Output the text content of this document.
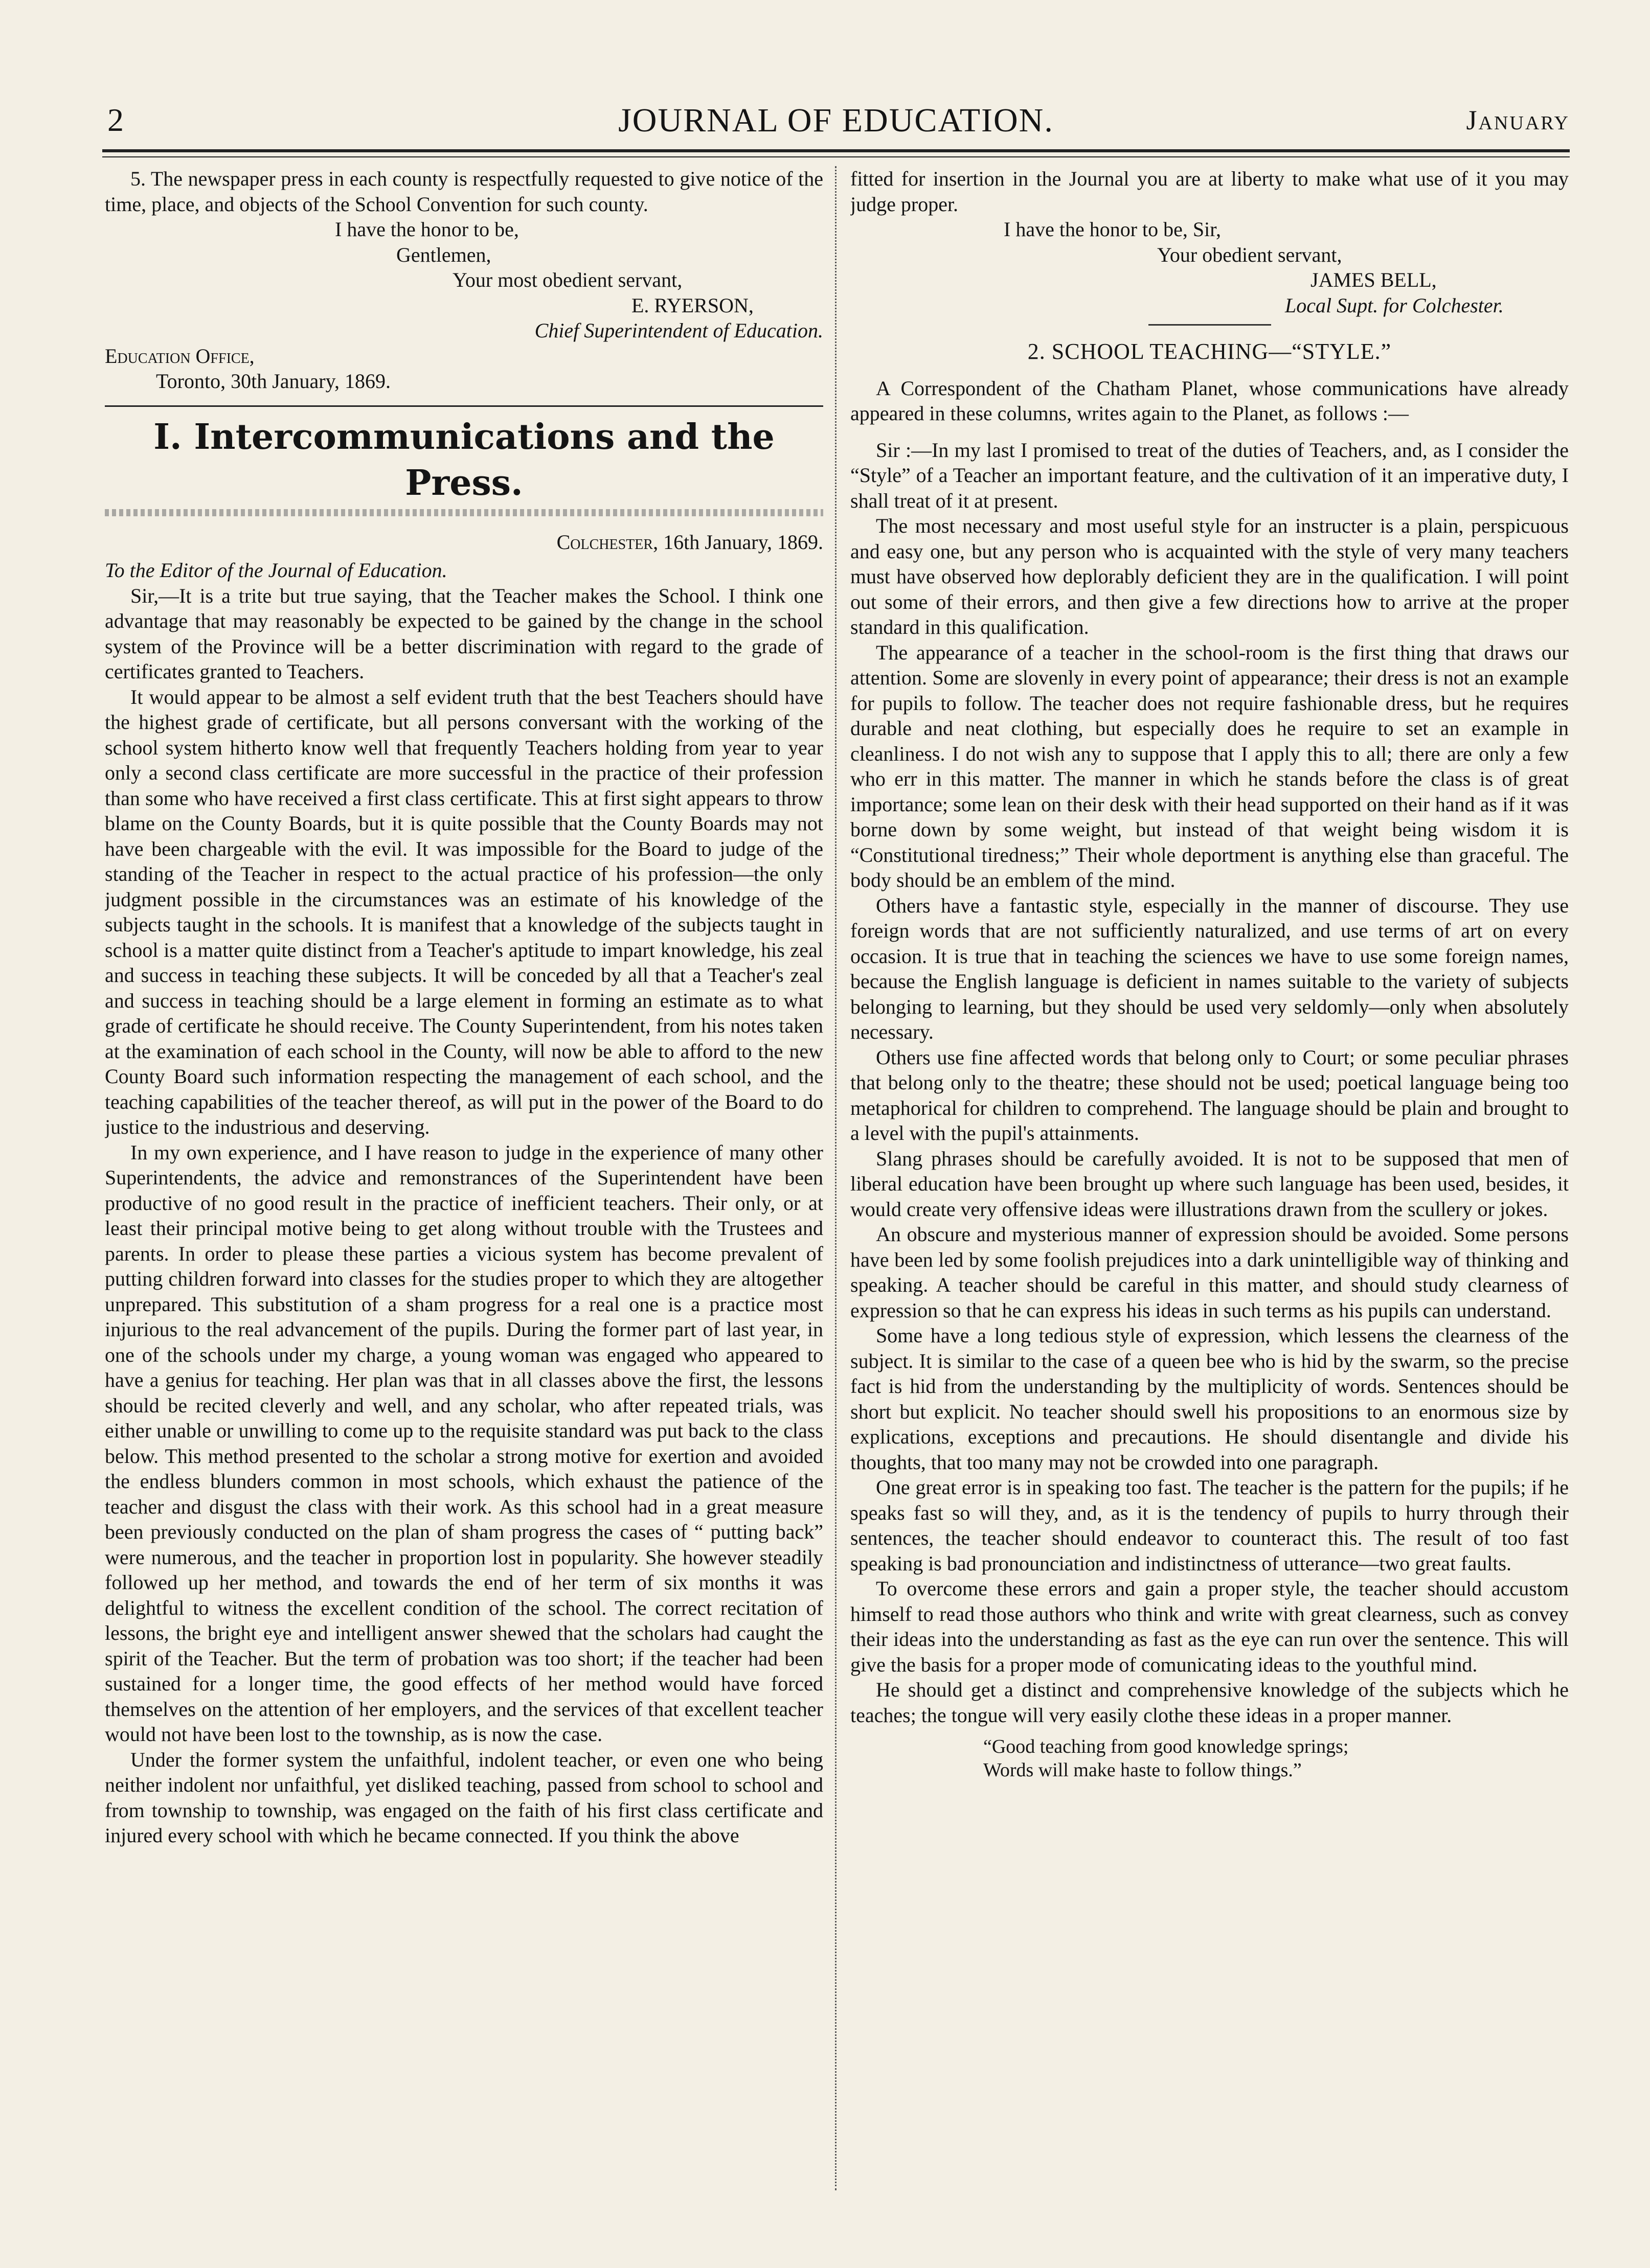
2	JOURNAL OF EDUCATION.	January

5. The newspaper press in each county is respectfully requested to give notice of the time, place, and objects of the School Convention for such county.

I have the honor to be,
Gentlemen,
Your most obedient servant,
E. RYERSON,
Chief Superintendent of Education.
Education Office,
Toronto, 30th January, 1869.
I. Intercommunications and the Press.
Colchester, 16th January, 1869.
To the Editor of the Journal of Education.

Sir,—It is a trite but true saying, that the Teacher makes the School. I think one advantage that may reasonably be expected to be gained by the change in the school system of the Province will be a better discrimination with regard to the grade of certificates granted to Teachers.

It would appear to be almost a self evident truth that the best Teachers should have the highest grade of certificate, but all persons conversant with the working of the school system hitherto know well that frequently Teachers holding from year to year only a second class certificate are more successful in the practice of their profession than some who have received a first class certificate. This at first sight appears to throw blame on the County Boards, but it is quite possible that the County Boards may not have been chargeable with the evil. It was impossible for the Board to judge of the standing of the Teacher in respect to the actual practice of his profession—the only judgment possible in the circumstances was an estimate of his knowledge of the subjects taught in the schools. It is manifest that a knowledge of the subjects taught in school is a matter quite distinct from a Teacher's aptitude to impart knowledge, his zeal and success in teaching these subjects. It will be conceded by all that a Teacher's zeal and success in teaching should be a large element in forming an estimate as to what grade of certificate he should receive. The County Superintendent, from his notes taken at the examination of each school in the County, will now be able to afford to the new County Board such information respecting the management of each school, and the teaching capabilities of the teacher thereof, as will put in the power of the Board to do justice to the industrious and deserving.

In my own experience, and I have reason to judge in the experience of many other Superintendents, the advice and remonstrances of the Superintendent have been productive of no good result in the practice of inefficient teachers. Their only, or at least their principal motive being to get along without trouble with the Trustees and parents. In order to please these parties a vicious system has become prevalent of putting children forward into classes for the studies proper to which they are altogether unprepared. This substitution of a sham progress for a real one is a practice most injurious to the real advancement of the pupils. During the former part of last year, in one of the schools under my charge, a young woman was engaged who appeared to have a genius for teaching. Her plan was that in all classes above the first, the lessons should be recited cleverly and well, and any scholar, who after repeated trials, was either unable or unwilling to come up to the requisite standard was put back to the class below. This method presented to the scholar a strong motive for exertion and avoided the endless blunders common in most schools, which exhaust the patience of the teacher and disgust the class with their work. As this school had in a great measure been previously conducted on the plan of sham progress the cases of “ putting back” were numerous, and the teacher in proportion lost in popularity. She however steadily followed up her method, and towards the end of her term of six months it was delightful to witness the excellent condition of the school. The correct recitation of lessons, the bright eye and intelligent answer shewed that the scholars had caught the spirit of the Teacher. But the term of probation was too short; if the teacher had been sustained for a longer time, the good effects of her method would have forced themselves on the attention of her employers, and the services of that excellent teacher would not have been lost to the township, as is now the case.

Under the former system the unfaithful, indolent teacher, or even one who being neither indolent nor unfaithful, yet disliked teaching, passed from school to school and from township to township, was engaged on the faith of his first class certificate and injured every school with which he became connected. If you think the above

fitted for insertion in the Journal you are at liberty to make what use of it you may judge proper.

I have the honor to be, Sir,
Your obedient servant,
JAMES BELL,
Local Supt. for Colchester.
2. SCHOOL TEACHING—“STYLE.”

A Correspondent of the Chatham Planet, whose communications have already appeared in these columns, writes again to the Planet, as follows :—

Sir :—In my last I promised to treat of the duties of Teachers, and, as I consider the “Style” of a Teacher an important feature, and the cultivation of it an imperative duty, I shall treat of it at present.

The most necessary and most useful style for an instructer is a plain, perspicuous and easy one, but any person who is acquainted with the style of very many teachers must have observed how deplorably deficient they are in the qualification. I will point out some of their errors, and then give a few directions how to arrive at the proper standard in this qualification.

The appearance of a teacher in the school-room is the first thing that draws our attention. Some are slovenly in every point of appearance; their dress is not an example for pupils to follow. The teacher does not require fashionable dress, but he requires durable and neat clothing, but especially does he require to set an example in cleanliness. I do not wish any to suppose that I apply this to all; there are only a few who err in this matter. The manner in which he stands before the class is of great importance; some lean on their desk with their head supported on their hand as if it was borne down by some weight, but instead of that weight being wisdom it is “Constitutional tiredness;” Their whole deportment is anything else than graceful. The body should be an emblem of the mind.

Others have a fantastic style, especially in the manner of discourse. They use foreign words that are not sufficiently naturalized, and use terms of art on every occasion. It is true that in teaching the sciences we have to use some foreign names, because the English language is deficient in names suitable to the variety of subjects belonging to learning, but they should be used very seldomly—only when absolutely necessary.

Others use fine affected words that belong only to Court; or some peculiar phrases that belong only to the theatre; these should not be used; poetical language being too metaphorical for children to comprehend. The language should be plain and brought to a level with the pupil's attainments.

Slang phrases should be carefully avoided. It is not to be supposed that men of liberal education have been brought up where such language has been used, besides, it would create very offensive ideas were illustrations drawn from the scullery or jokes.

An obscure and mysterious manner of expression should be avoided. Some persons have been led by some foolish prejudices into a dark unintelligible way of thinking and speaking. A teacher should be careful in this matter, and should study clearness of expression so that he can express his ideas in such terms as his pupils can understand.

Some have a long tedious style of expression, which lessens the clearness of the subject. It is similar to the case of a queen bee who is hid by the swarm, so the precise fact is hid from the understanding by the multiplicity of words. Sentences should be short but explicit. No teacher should swell his propositions to an enormous size by explications, exceptions and precautions. He should disentangle and divide his thoughts, that too many may not be crowded into one paragraph.

One great error is in speaking too fast. The teacher is the pattern for the pupils; if he speaks fast so will they, and, as it is the tendency of pupils to hurry through their sentences, the teacher should endeavor to counteract this. The result of too fast speaking is bad pronounciation and indistinctness of utterance—two great faults.

To overcome these errors and gain a proper style, the teacher should accustom himself to read those authors who think and write with great clearness, such as convey their ideas into the understanding as fast as the eye can run over the sentence. This will give the basis for a proper mode of comunicating ideas to the youthful mind.

He should get a distinct and comprehensive knowledge of the subjects which he teaches; the tongue will very easily clothe these ideas in a proper manner.

“Good teaching from good knowledge springs;
Words will make haste to follow things.”
